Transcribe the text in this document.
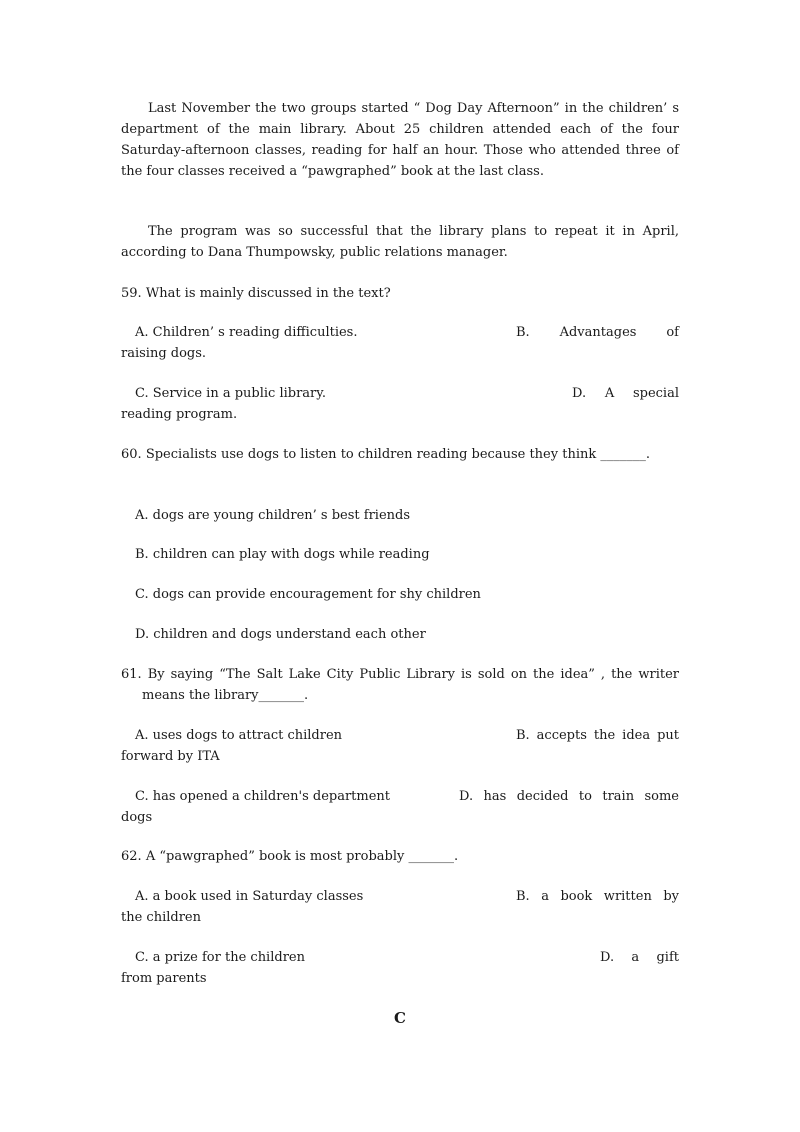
Last November the two groups started “ Dog Day Afternoon” in the children’ s department of the main library. About 25 children attended each of the four Saturday-afternoon classes, reading for half an hour. Those who attended three of the four classes received a “pawgraphed” book at the last class.

The program was so successful that the library plans to repeat it in April, according to Dana Thumpowsky, public relations manager.

59. What is mainly discussed in the text?

A. Children’ s reading difficulties.	B. Advantages of

raising dogs.

C. Service in a public library.	D. A special

reading program.

60. Specialists use dogs to listen to children reading because they think _______.

A. dogs are young children’ s best friends

B. children can play with dogs while reading

C. dogs can provide encouragement for shy children

D. children and dogs understand each other

61. By saying “The Salt Lake City Public Library is sold on the idea” , the writer means the library_______.

A. uses dogs to attract children	B. accepts the idea put

forward by ITA

C. has opened a children's department	D. has decided to train some

dogs

62. A “pawgraphed” book is most probably _______.

A. a book used in Saturday classes	B. a book written by

the children

C. a prize for the children	D. a gift

from parents

C
